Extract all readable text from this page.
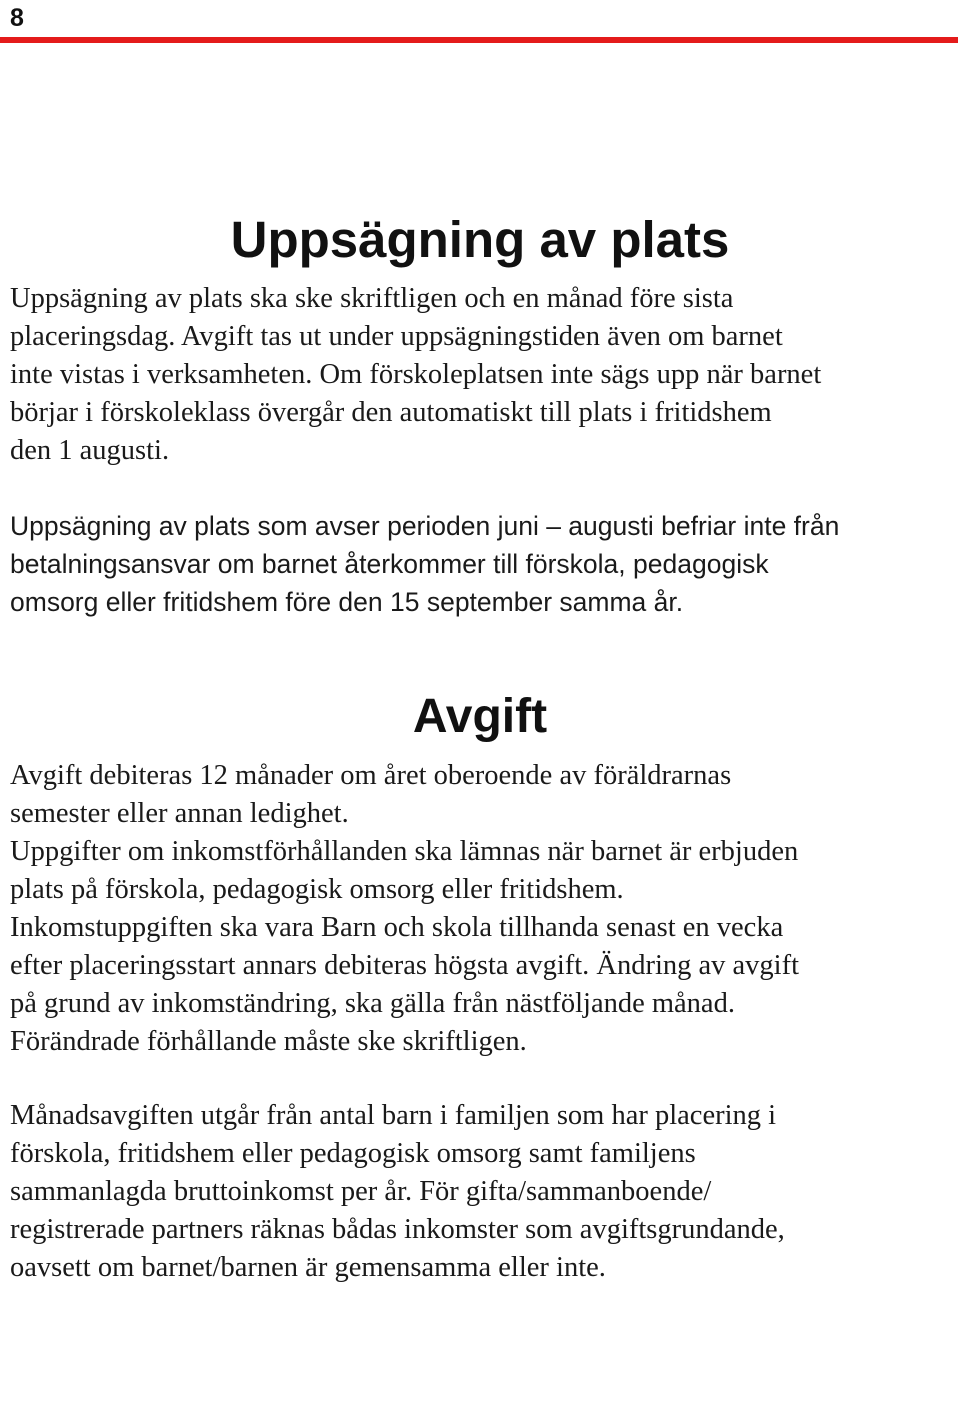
8
Uppsägning av plats

Uppsägning av plats ska ske skriftligen och en månad före sista
placeringsdag. Avgift tas ut under uppsägningstiden även om barnet
inte vistas i verksamheten. Om förskoleplatsen inte sägs upp när barnet
börjar i förskoleklass övergår den automatiskt till plats i fritidshem
den 1 augusti.

Uppsägning av plats som avser perioden juni – augusti befriar inte från
betalningsansvar om barnet återkommer till förskola, pedagogisk
omsorg eller fritidshem före den 15 september samma år.

Avgift

Avgift debiteras 12 månader om året oberoende av föräldrarnas
semester eller annan ledighet.
Uppgifter om inkomstförhållanden ska lämnas när barnet är erbjuden
plats på förskola, pedagogisk omsorg eller fritidshem.
Inkomstuppgiften ska vara Barn och skola tillhanda senast en vecka
efter placeringsstart annars debiteras högsta avgift. Ändring av avgift
på grund av inkomständring, ska gälla från nästföljande månad.
Förändrade förhållande måste ske skriftligen.

Månadsavgiften utgår från antal barn i familjen som har placering i
förskola, fritidshem eller pedagogisk omsorg samt familjens
sammanlagda bruttoinkomst per år. För gifta/sammanboende/
registrerade partners räknas bådas inkomster som avgiftsgrundande,
oavsett om barnet/barnen är gemensamma eller inte.
